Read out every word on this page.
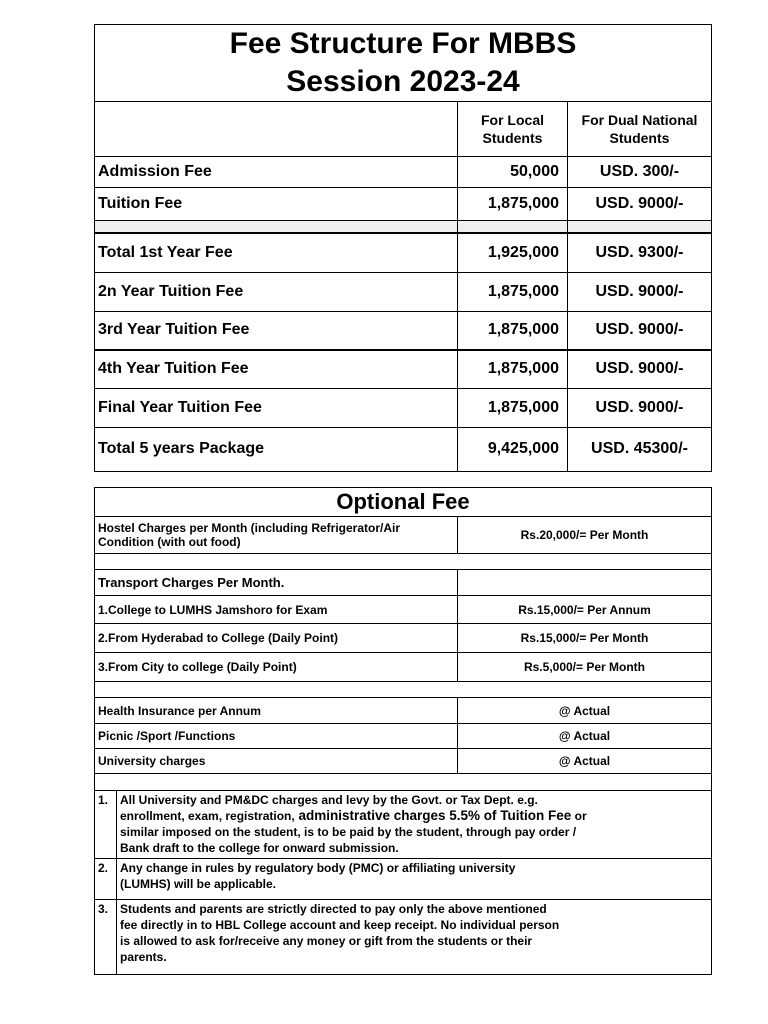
Fee Structure For MBBS
Session 2023-24		

	For Local Students	For Dual National Students
Admission Fee	50,000	USD. 300/-
Tuition Fee	1,875,000	USD. 9000/-

Total 1st Year Fee	1,925,000	USD. 9300/-
2n Year Tuition Fee	1,875,000	USD. 9000/-
3rd Year Tuition Fee	1,875,000	USD. 9000/-
4th Year Tuition Fee	1,875,000	USD. 9000/-
Final Year Tuition Fee	1,875,000	USD. 9000/-
Total 5 years Package	9,425,000	USD. 45300/-
Optional Fee		
Hostel Charges per Month (including Refrigerator/Air Condition (with out food)		Rs.20,000/= Per Month

Transport Charges Per Month.		
1.College to LUMHS Jamshoro for Exam		Rs.15,000/= Per Annum
2.From Hyderabad to College (Daily Point)		Rs.15,000/= Per Month
3.From City to college (Daily Point)		Rs.5,000/= Per Month

Health Insurance per Annum		@ Actual
Picnic /Sport /Functions		@ Actual
University charges		@ Actual

1.	All University and PM&DC charges and levy by the Govt. or Tax Dept. e.g. enrollment, exam, registration, administrative charges 5.5% of Tuition Fee or similar imposed on the student, is to be paid by the student, through pay order / Bank draft to the college for onward submission.	
2.	Any change in rules by regulatory body (PMC) or affiliating university (LUMHS) will be applicable.	
3.	Students and parents are strictly directed to pay only the above mentioned fee directly in to HBL College account and keep receipt. No individual person is allowed to ask for/receive any money or gift from the students or their parents.	
